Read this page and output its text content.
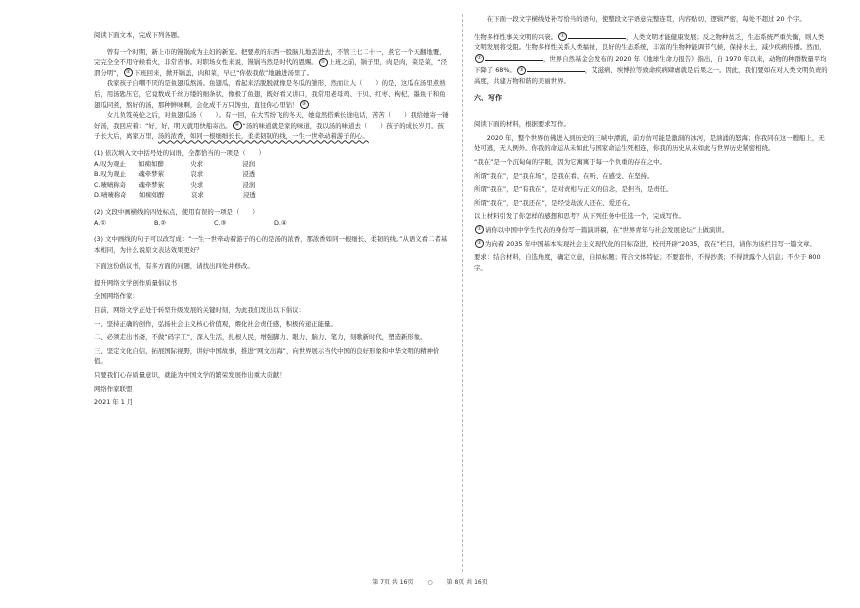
阅读下面文本，完成下列各题。

曾有一个时期，新上市的馒锅成为主妇的新宠。把要煮的东西一股脑儿地丢进去，不管三七二十一，煮它一个天翻地覆，完完全全不用守候看火，非常省事。对职场女性来说，馒锅当然是时代的恩赐。 ① 上班之前，锅子里，肉是肉，菜是菜，“泾渭分明”， ② 下班回来，掀开锅盖，肉和菜，早已“你侬我侬”地融进汤里了。

我家孩子自嘲不厌的是鱼翅瓜熬汤。鱼翅瓜，看起来活脱脱就像是冬瓜的雏形，然而让人（　　）的是，这瓜在汤里煮熟后，用汤匙压它，它竟数成千丝万缕的细条状，像极了鱼翅，既好看又讲口，我常用老母鸡、干贝、红枣、枸杞，墨鱼干和鱼翅瓜同煮，熬好的汤，那种鲜味啊，会化成千万只馋虫，直往你心里钻！ ③

女儿负笈英伦之后，对鱼翅瓜汤（　　）。有一回，在大雪纷飞的冬天，她竟然搭乘长途电话，苦苦（　　）我给她寄一锤好汤，我回应着：“好，好，明天就用快船寄出。 ④ “汤的味道就是家的味道，我以汤的味道去（　　）孩子的成长岁月。孩子长大后，离家万里，汤的浓香，如同一根细细长长，柔柔韧韧的线，一生一世牵动着游子的心。

(1) 依次填入文中括号处的词语，全都恰当的一项是（　　）

A. 叹为观止	如痴如醉	央求	浸润
B. 叹为观止	魂牵梦萦	哀求	浸透
C. 啧啧称奇	魂牵梦萦	央求	浸润
D. 啧啧称奇	如痴如醉	哀求	浸透

(2) 文段中画横线的四处标点，使用有误的一项是（　　）

A.①	B.②	C.③	D.④

(3) 文中画线的句子可以改写成：“一生一世牵动着游子的心的是汤的浓香，那浓香如同一根细长、柔韧的线。”从语义看二者基本相同，为什么说原文表达效果更好？

下面这份倡议书，有多方面的问题，请找出四处并修改。

提升网络文学创作质量倡议书

全国网络作家：

目前，网络文学正处于转型升级发展的关键时刻，为此我们发出以下倡议：

一、坚持正确的创作，弘扬社会主义核心价值观，煨化社会责任感，积极传递正能量。

二、必须走出书斋，不做“码字工”，深入生活，扎根人民，增强脚力、眼力、脑力、笔力，刻歌新时代，塑造新形象。

三、坚定文化自信，拓展国际视野，讲好中国故事，推进“网文出海”，向世界展示当代中国的良好形象和中华文明的精神价值。

只要我们心存质量意识，就能为中国文学的繁荣发展作出重大贡献！

网络作家联盟

2021 年 1 月

在下面一段文字横线处补写恰当的语句，使整段文字语意完整连贯，内容贴切，逻辑严密，每处不超过 20 个字。

生物多样性事关文明的兴衰。 ①	，人类文明才能健康发展；反之物种贫乏，生态系统严重失衡，则人类文明发展将受阻。生物多样性关系人类福祉，良好的生态系统，丰富的生物种能调节气候，保持水土，减少疾病传播。然而，②	，世界自然基金会发布的 2020 年《地球生命力报告》指出，自 1970 年以来，动物的种群数量平均下降了 68%。 ③	，艾滋病、埃博拉等致命疾病肆虐就是后果之一。因此，我们要如在对人类文明负责的高度，共建万物和谐的美丽世界。

六、写作

阅读下面的材料，根据要求写作。

2020 年，整个世界仿佛进入到历史的三峡中漂流，前方仿可能是激洞的冰河，是汹涌的怒海；你我同在这一艘船上，无处可逃，无人例外。你我的命运从未如此与国家命运生死相连，你我的历史从未如此与世界历史紧密相绕。

“我在”是一个沉甸甸的字眼，因为它寓寓于每一个负重的存在之中。

所谓“我在”，是“我在场”，是我在看、在听、在感受、在坚持。

所谓“我在”，是“有我在”，是对责相与正义的信念，是担当，是责任。

所谓“我在”，是“我还在”，是经受劫波人还在、爱还在。

以上材料引发了你怎样的感想和思考？从下列任务中任选一个，完成写作。

① 请你以中国中学生代表的身份写一篇演讲稿，在“世界青年与社会发展论坛”上做演讲。

② 为向着 2035 年中国基本实现社会主义现代化的目标奋进，校刊开辟“2035，我在”栏目，请你为该栏目写一篇文章。

要求：结合材料，自选角度，确定立意，自拟标题；符合文体特征；不要套作，不得抄袭；不得泄露个人信息；不少于 800 字。

第 7页 共 16页 ○ 第 8页 共 16页
